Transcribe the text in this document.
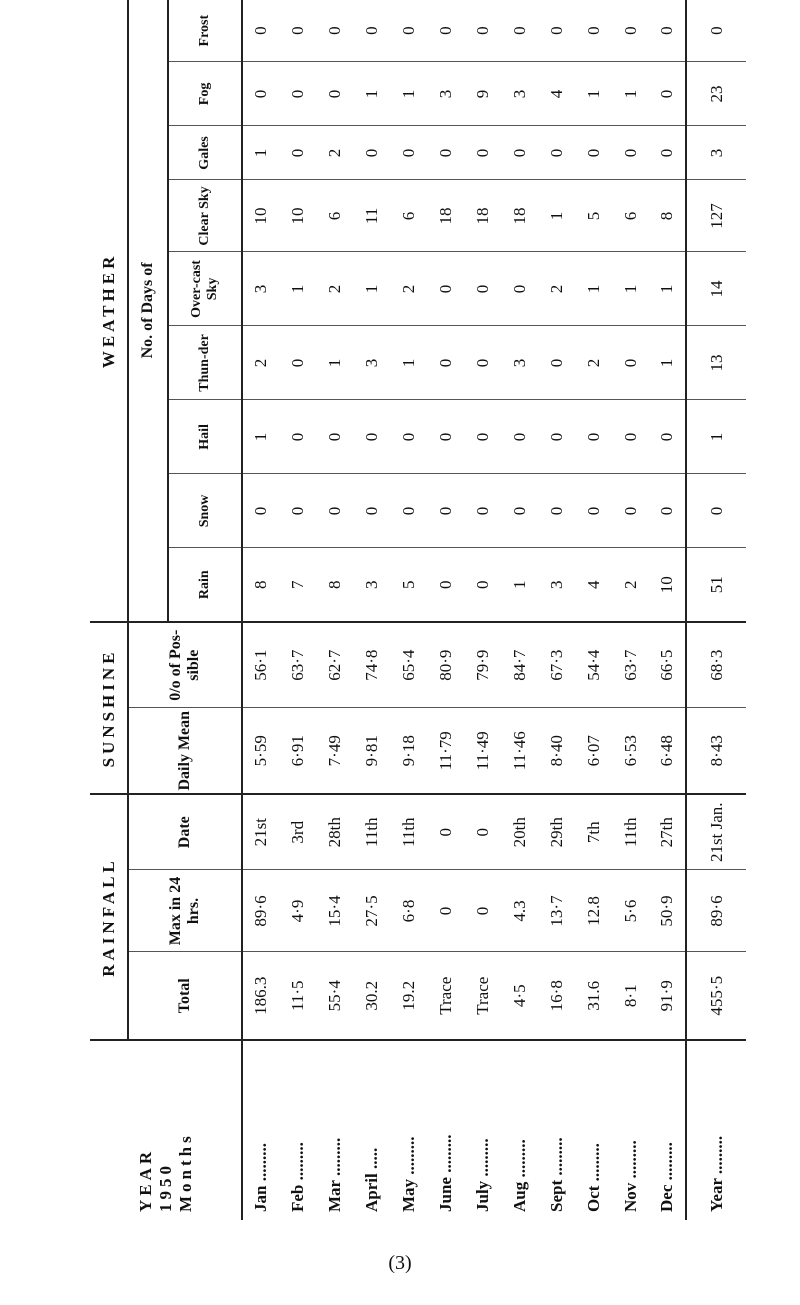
YEAR 1950 Months	RAINFALL			SUNSHINE		WEATHER								
	Total	Max in 24 hrs.	Date	Daily Mean	0/o of Pos-sible	No. of Days of								
						Rain	Snow	Hail	Thun-der	Over-cast Sky	Clear Sky	Gales	Fog	Frost
Jan .........	186.3	89·6	21st	5·59	56·1	8	0	1	2	3	10	1	0	0
Feb .........	11·5	4·9	3rd	6·91	63·7	7	0	0	0	1	10	0	0	0
Mar .........	55·4	15·4	28th	7·49	62·7	8	0	0	1	2	6	2	0	0
April .....	30.2	27·5	11th	9·81	74·8	3	0	0	3	1	11	0	1	0
May .........	19.2	6·8	11th	9·18	65·4	5	0	0	1	2	6	0	1	0
June .........	Trace	0	0	11·79	80·9	0	0	0	0	0	18	0	3	0
July .........	Trace	0	0	11·49	79·9	0	0	0	0	0	18	0	9	0
Aug .........	4·5	4.3	20th	11·46	84·7	1	0	0	3	0	18	0	3	0
Sept .........	16·8	13·7	29th	8·40	67·3	3	0	0	0	2	1	0	4	0
Oct .........	31.6	12.8	7th	6·07	54·4	4	0	0	2	1	5	0	1	0
Nov .........	8·1	5·6	11th	6·53	63·7	2	0	0	0	1	6	0	1	0
Dec .........	91·9	50·9	27th	6·48	66·5	10	0	0	1	1	8	0	0	0
Year .........	455·5	89·6	21st Jan.	8·43	68·3	51	0	1	13	14	127	3	23	0
(3)
